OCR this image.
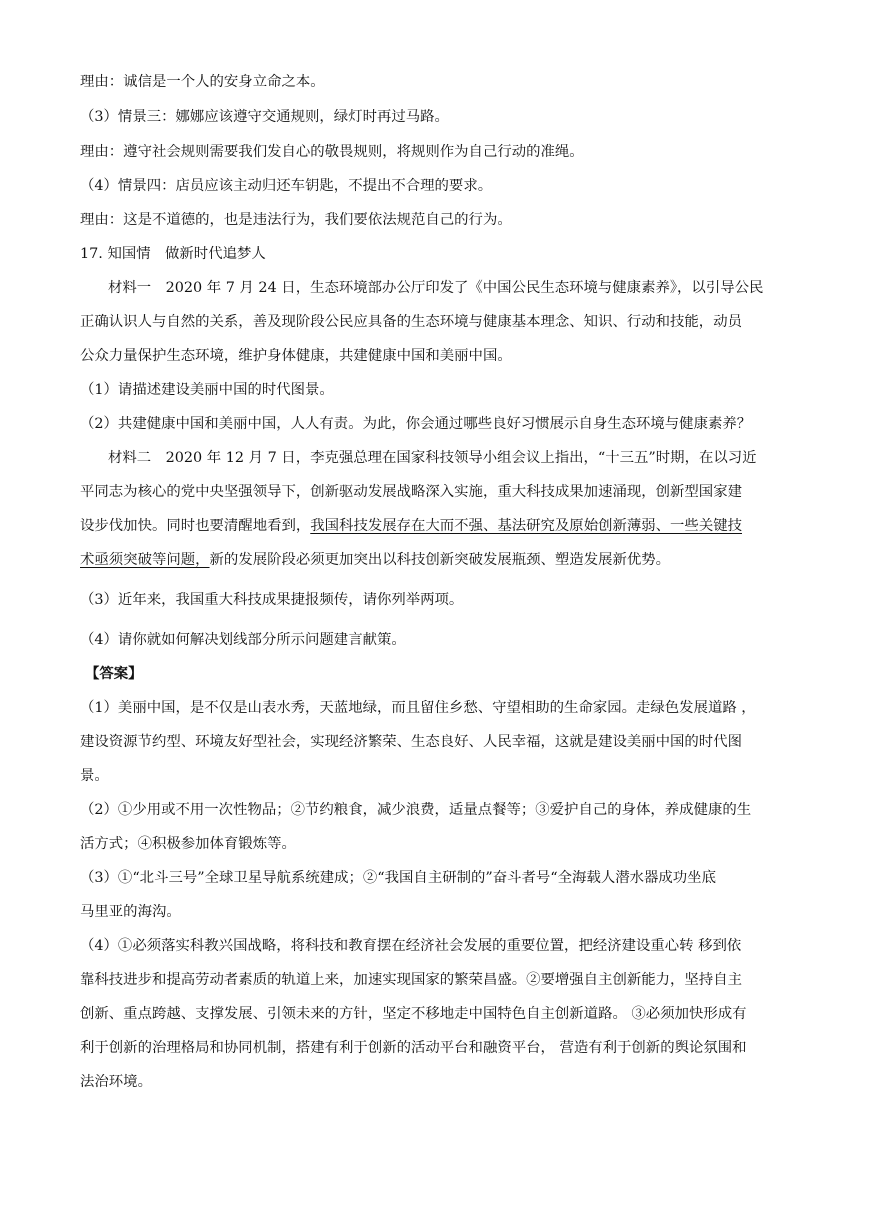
理由：诚信是一个人的安身立命之本。

（3）情景三：娜娜应该遵守交通规则，绿灯时再过马路。

理由：遵守社会规则需要我们发自心的敬畏规则，将规则作为自己行动的准绳。

（4）情景四：店员应该主动归还车钥匙，不提出不合理的要求。

理由：这是不道德的，也是违法行为，我们要依法规范自己的行为。

17. 知国情　做新时代追梦人

材料一　2020 年 7 月 24 日，生态环境部办公厅印发了《中国公民生态环境与健康素养》，以引导公民

正确认识人与自然的关系，善及现阶段公民应具备的生态环境与健康基本理念、知识、行动和技能，动员

公众力量保护生态环境，维护身体健康，共建健康中国和美丽中国。

（1）请描述建设美丽中国的时代图景。

（2）共建健康中国和美丽中国，人人有责。为此，你会通过哪些良好习惯展示自身生态环境与健康素养？

材料二　2020 年 12 月 7 日，李克强总理在国家科技领导小组会议上指出，“十三五”时期，在以习近

平同志为核心的党中央坚强领导下，创新驱动发展战略深入实施，重大科技成果加速涌现，创新型国家建

设步伐加快。同时也要清醒地看到，我国科技发展存在大而不强、基法研究及原始创新薄弱、一些关键技

术亟须突破等问题，新的发展阶段必须更加突出以科技创新突破发展瓶颈、塑造发展新优势。

（3）近年来，我国重大科技成果捷报频传，请你列举两项。

（4）请你就如何解决划线部分所示问题建言献策。

【答案】

（1）美丽中国，是不仅是山表水秀，天蓝地绿，而且留住乡愁、守望相助的生命家园。走绿色发展道路 ，

建设资源节约型、环境友好型社会，实现经济繁荣、生态良好、人民幸福，这就是建设美丽中国的时代图

景。

（2）①少用或不用一次性物品；②节约粮食，减少浪费，适量点餐等；③爱护自己的身体，养成健康的生

活方式；④积极参加体育锻炼等。

（3）①“北斗三号”全球卫星导航系统建成；②“我国自主研制的”奋斗者号“全海载人潜水器成功坐底

马里亚的海沟。

（4）①必须落实科教兴国战略，将科技和教育摆在经济社会发展的重要位置，把经济建设重心转 移到依

靠科技进步和提高劳动者素质的轨道上来，加速实现国家的繁荣昌盛。②要增强自主创新能力，坚持自主

创新、重点跨越、支撑发展、引领未来的方针，坚定不移地走中国特色自主创新道路。 ③必须加快形成有

利于创新的治理格局和协同机制，搭建有利于创新的活动平台和融资平台， 营造有利于创新的舆论氛围和

法治环境。
